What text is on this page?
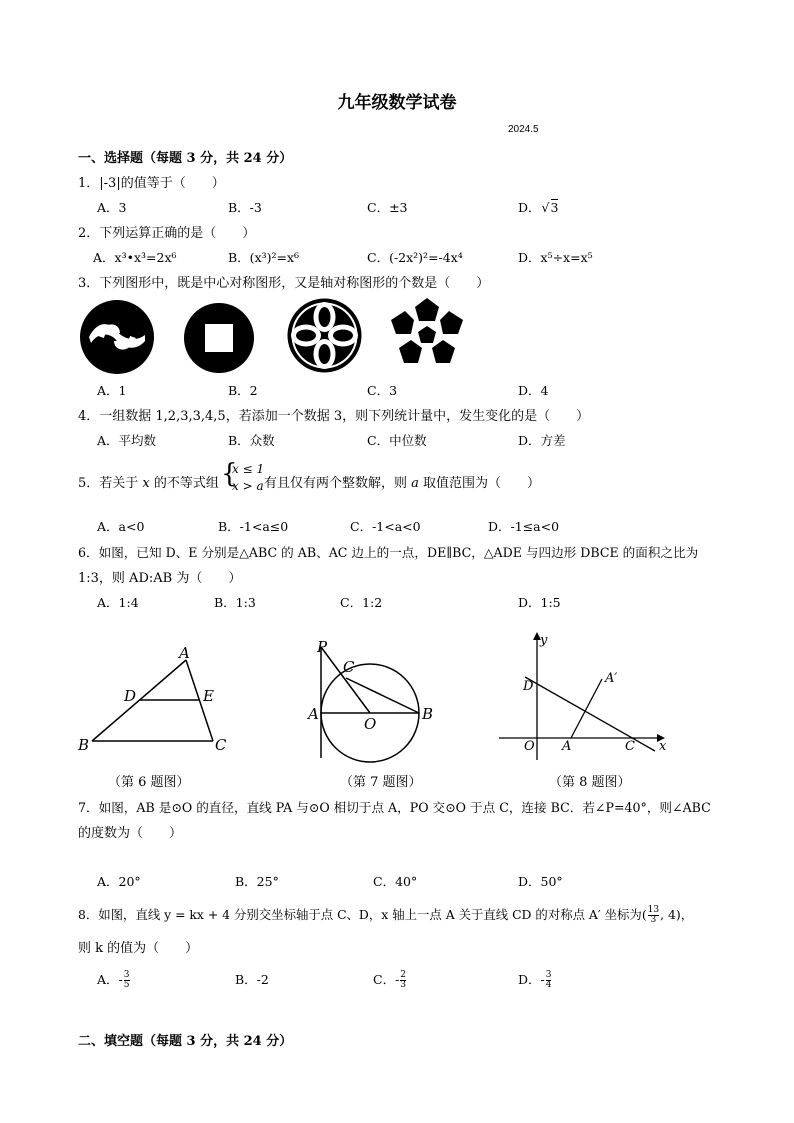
九年级数学试卷
2024.5
一、选择题（每题 3 分，共 24 分）
1．|-3|的值等于（　　）
A．3	B．-3	C．±3	D．√3
2．下列运算正确的是（　　）
A．x³•x³=2x⁶	B．(x³)²=x⁶	C．(-2x²)²=-4x⁴	D．x⁵÷x=x⁵
3．下列图形中，既是中心对称图形，又是轴对称图形的个数是（　　）
A．1	B．2	C．3	D．4
4．一组数据 1,2,3,3,4,5，若添加一个数据 3，则下列统计量中，发生变化的是（　　）
A．平均数	B．众数	C．中位数	D．方差
5．若关于 x 的不等式组 {
x ≤ 1
x > a 有且仅有两个整数解，则 a 取值范围为（　　）
A．a<0	B．-1<a≤0	C．-1<a<0	D．-1≤a<0
6．如图，已知 D、E 分别是△ABC 的 AB、AC 边上的一点，DE∥BC，△ADE 与四边形 DBCE 的面积之比为
1:3，则 AD:AB 为（　　）
A．1:4	B．1:3	C．1:2	D．1:5
A
B	C
D	E
（第 6 题图）
P
C
A
O
B
（第 7 题图）
y
x
D
A′
O A	C
（第 8 题图）
7．如图，AB 是⊙O 的直径，直线 PA 与⊙O 相切于点 A，PO 交⊙O 于点 C，连接 BC．若∠P=40°，则∠ABC
的度数为（　　）
A．20°	B．25°	C．40°	D．50°
8．如图，直线 y = kx + 4 分别交坐标轴于点 C、D，x 轴上一点 A 关于直线 CD 的对称点 A′ 坐标为( $\frac{13}{3}$ , 4)，
则 k 的值为（　　）
A．- $\frac{3}{5}$	B．-2	C．- $\frac{2}{3}$	D．- $\frac{3}{4}$
二、填空题（每题 3 分，共 24 分）
